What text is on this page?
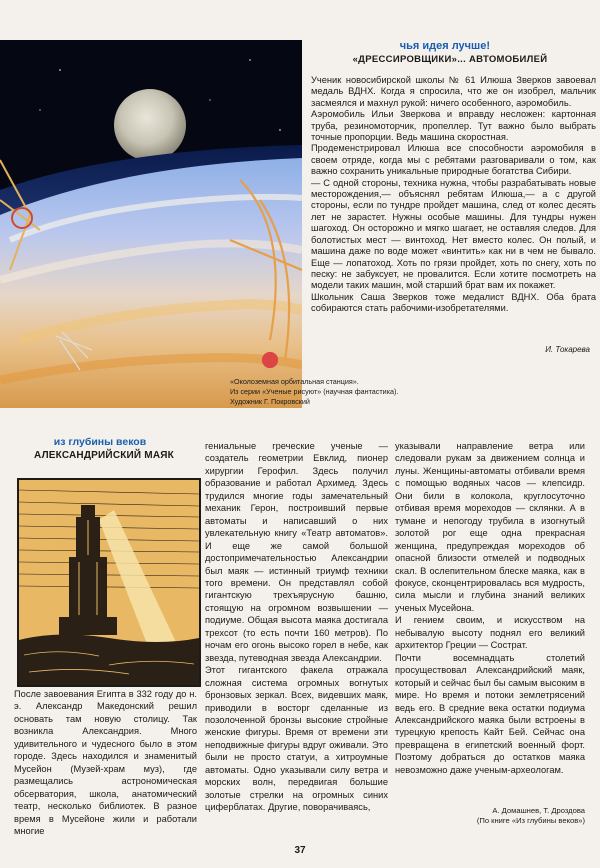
чья идея лучше!
«ДРЕССИРОВЩИКИ»... АВТОМОБИЛЕЙ

Ученик новосибирской школы № 61 Илюша Зверков завоевал медаль ВДНХ. Когда я спросила, что же он изобрел, мальчик засмеялся и махнул рукой: ничего особенного, аэромобиль.

Аэромобиль Ильи Зверкова и вправду несложен: картонная труба, резиномоторчик, пропеллер. Тут важно было выбрать точные пропорции. Ведь машина скоростная.

Продеменстрировал Илюша все способности аэромобиля в своем отряде, когда мы с ребятами разговаривали о том, как важно сохранить уникальные природные богатства Сибири.

— С одной стороны, техника нужна, чтобы разрабатывать новые месторождения,— объяснял ребятам Илюша,— а с другой стороны, если по тундре пройдет машина, след от колес десять лет не зарастет. Нужны особые машины. Для тундры нужен шагоход. Он осторожно и мягко шагает, не оставляя следов. Для болотистых мест — винтоход. Нет вместо колес. Он полый, и машина даже по воде может «винтить» как ни в чем не бывало. Еще — лопатоход. Хоть по грязи пройдет, хоть по снегу, хоть по песку: не забуксует, не провалится. Если хотите посмотреть на модели таких машин, мой старший брат вам их покажет.

Школьник Саша Зверков тоже медалист ВДНХ. Оба брата собираются стать рабочими-изобретателями.

И. Токарева
«Околоземная орбитальная станция».
Из серии «Ученые рисуют» (научная фантастика).
Художник Г. Покровский
из глубины веков
АЛЕКСАНДРИЙСКИЙ МАЯК

После завоевания Египта в 332 году до н. э. Александр Македонский решил основать там новую столицу. Так возникла Александрия. Много удивительного и чудесного было в этом городе. Здесь находился и знаменитый Мусейон (Музей-храм муз), где размещались астрономическая обсерватория, школа, анатомический театр, несколько библиотек. В разное время в Мусейоне жили и работали многие

гениальные греческие ученые — создатель геометрии Евклид, пионер хирургии Герофил. Здесь получил образование и работал Архимед. Здесь трудился многие годы замечательный механик Герон, построивший первые автоматы и написавший о них увлекательную книгу «Театр автоматов». И еще же самой большой достопримечательностью Александрии был маяк — истинный триумф техники того времени. Он представлял собой гигантскую трехъярусную башню, стоящую на огромном возвышении — подиуме. Общая высота маяка достигала трехсот (то есть почти 160 метров). По ночам его огонь высоко горел в небе, как звезда, путеводная звезда Александрии.

Этот гигантского факела отражала сложная система огромных вогнутых бронзовых зеркал. Всех, видевших маяк, приводили в восторг сделанные из позолоченной бронзы высокие стройные женские фигуры. Время от времени эти неподвижные фигуры вдруг оживали. Это были не просто статуи, а хитроумные автоматы. Одно указывали силу ветра и морских волн, передвигая большие золотые стрелки на огромных синих циферблатах. Другие, поворачиваясь,

указывали направление ветра или следовали рукам за движением солнца и луны. Женщины-автоматы отбивали время с помощью водяных часов — клепсидр. Они били в колокола, круглосуточно отбивая время мореходов — склянки. А в тумане и непогоду трубила в изогнутый золотой рог еще одна прекрасная женщина, предупреждая мореходов об опасной близости отмелей и подводных скал. В ослепительном блеске маяка, как в фокусе, сконцентрировалась вся мудрость, сила мысли и глубина знаний великих ученых Мусейона.

И гением своим, и искусством на небывалую высоту поднял его великий архитектор Греции — Сострат.

Почти восемнадцать столетий просуществовал Александрийский маяк, который и сейчас был бы самым высоким в мире. Но время и потоки землетрясений ведь его. В средние века остатки подиума Александрийского маяка были встроены в турецкую крепость Кайт Бей. Сейчас она превращена в египетский военный форт. Поэтому добраться до остатков маяка невозможно даже ученым-археологам.

А. Домашнев, Т. Дроздова
(По книге «Из глубины веков»)
37
